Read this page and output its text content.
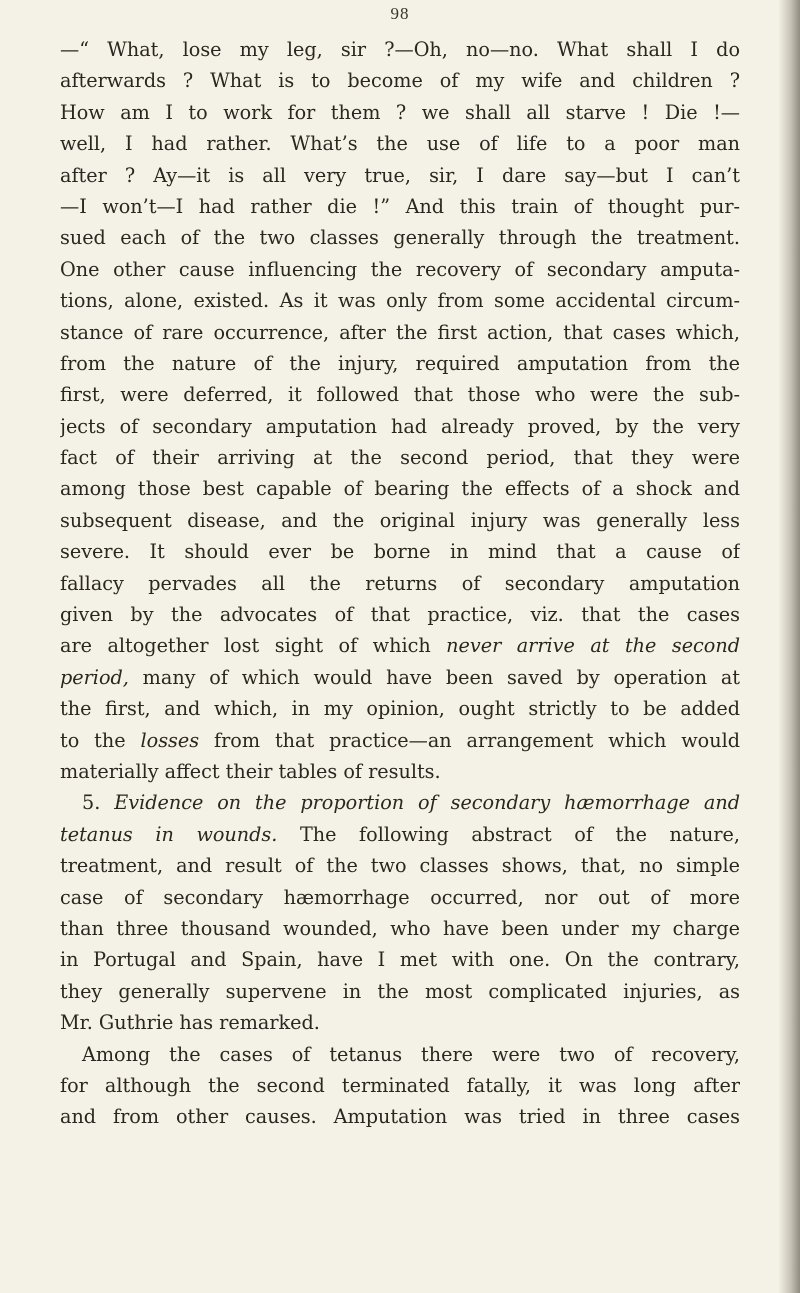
98
—“ What, lose my leg, sir ?—Oh, no—no. What shall I do
afterwards ? What is to become of my wife and children ?
How am I to work for them ? we shall all starve ! Die !—
well, I had rather. What’s the use of life to a poor man
after ? Ay—it is all very true, sir, I dare say—but I can’t
—I won’t—I had rather die !” And this train of thought pur-
sued each of the two classes generally through the treatment.
One other cause influencing the recovery of secondary amputa-
tions, alone, existed. As it was only from some accidental circum-
stance of rare occurrence, after the first action, that cases which,
from the nature of the injury, required amputation from the
first, were deferred, it followed that those who were the sub-
jects of secondary amputation had already proved, by the very
fact of their arriving at the second period, that they were
among those best capable of bearing the effects of a shock and
subsequent disease, and the original injury was generally less
severe. It should ever be borne in mind that a cause of
fallacy pervades all the returns of secondary amputation
given by the advocates of that practice, viz. that the cases
are altogether lost sight of which never arrive at the second
period, many of which would have been saved by operation at
the first, and which, in my opinion, ought strictly to be added
to the losses from that practice—an arrangement which would
materially affect their tables of results.
5. Evidence on the proportion of secondary hæmorrhage and
tetanus in wounds. The following abstract of the nature,
treatment, and result of the two classes shows, that, no simple
case of secondary hæmorrhage occurred, nor out of more
than three thousand wounded, who have been under my charge
in Portugal and Spain, have I met with one. On the contrary,
they generally supervene in the most complicated injuries, as
Mr. Guthrie has remarked.
Among the cases of tetanus there were two of recovery,
for although the second terminated fatally, it was long after
and from other causes. Amputation was tried in three cases
